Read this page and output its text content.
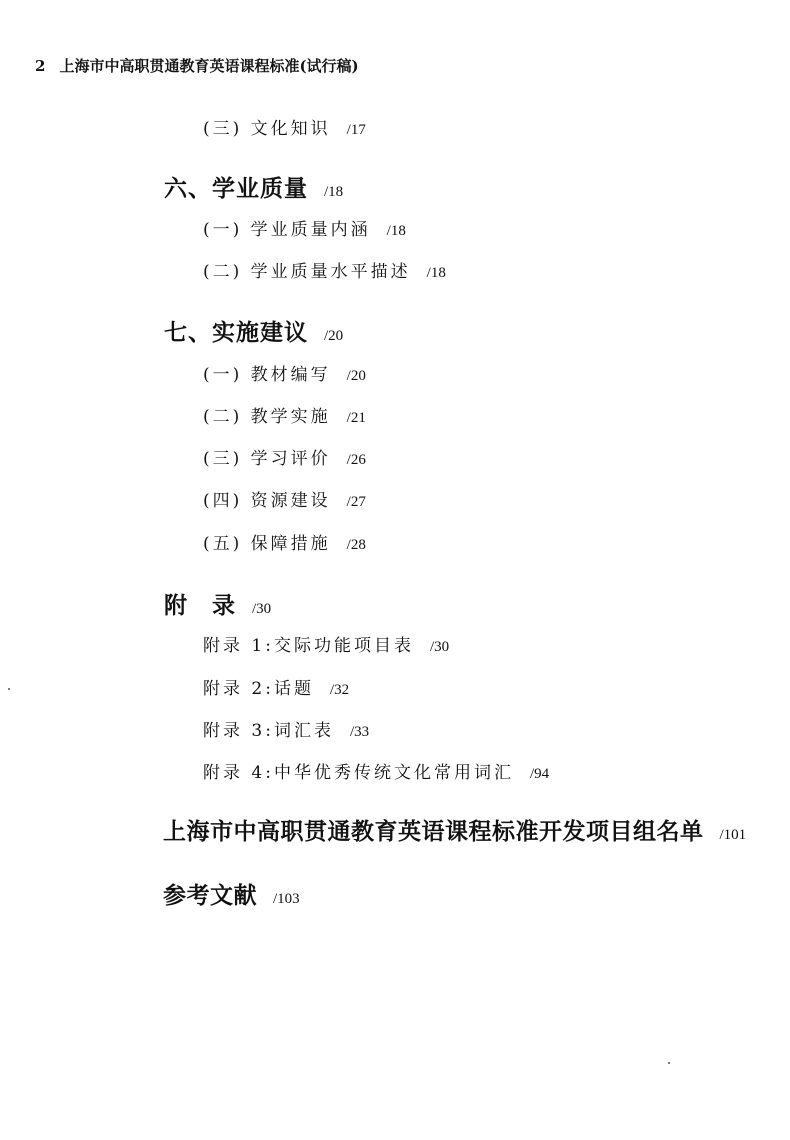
2 上海市中高职贯通教育英语课程标准(试行稿)
(三) 文化知识 /17
六、学业质量 /18
(一) 学业质量内涵 /18
(二) 学业质量水平描述 /18
七、实施建议 /20
(一) 教材编写 /20
(二) 教学实施 /21
(三) 学习评价 /26
(四) 资源建设 /27
(五) 保障措施 /28
附　录 /30
附录 1:交际功能项目表 /30
附录 2:话题 /32
附录 3:词汇表 /33
附录 4:中华优秀传统文化常用词汇 /94
上海市中高职贯通教育英语课程标准开发项目组名单 /101
参考文献 /103
